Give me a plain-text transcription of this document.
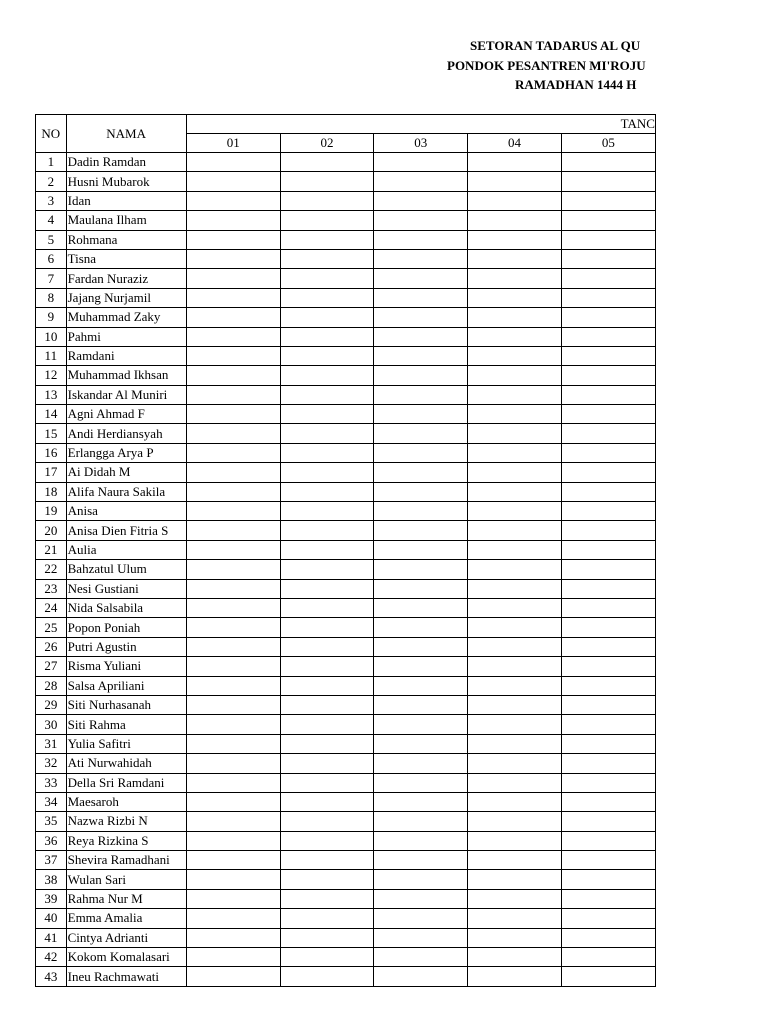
SETORAN TADARUS AL QU
PONDOK PESANTREN MI'ROJU
RAMADHAN 1444 H
NO	NAMA	TANC				
		01	02	03	04	05
1	Dadin Ramdan					
2	Husni Mubarok					
3	Idan					
4	Maulana Ilham					
5	Rohmana					
6	Tisna					
7	Fardan Nuraziz					
8	Jajang Nurjamil					
9	Muhammad Zaky					
10	Pahmi					
11	Ramdani					
12	Muhammad Ikhsan					
13	Iskandar Al Muniri					
14	Agni Ahmad F					
15	Andi Herdiansyah					
16	Erlangga Arya P					
17	Ai Didah M					
18	Alifa Naura Sakila					
19	Anisa					
20	Anisa Dien Fitria S					
21	Aulia					
22	Bahzatul Ulum					
23	Nesi Gustiani					
24	Nida Salsabila					
25	Popon Poniah					
26	Putri Agustin					
27	Risma Yuliani					
28	Salsa Apriliani					
29	Siti Nurhasanah					
30	Siti Rahma					
31	Yulia Safitri					
32	Ati Nurwahidah					
33	Della Sri Ramdani					
34	Maesaroh					
35	Nazwa Rizbi N					
36	Reya Rizkina S					
37	Shevira Ramadhani					
38	Wulan Sari					
39	Rahma Nur M					
40	Emma Amalia					
41	Cintya Adrianti					
42	Kokom Komalasari					
43	Ineu Rachmawati					
